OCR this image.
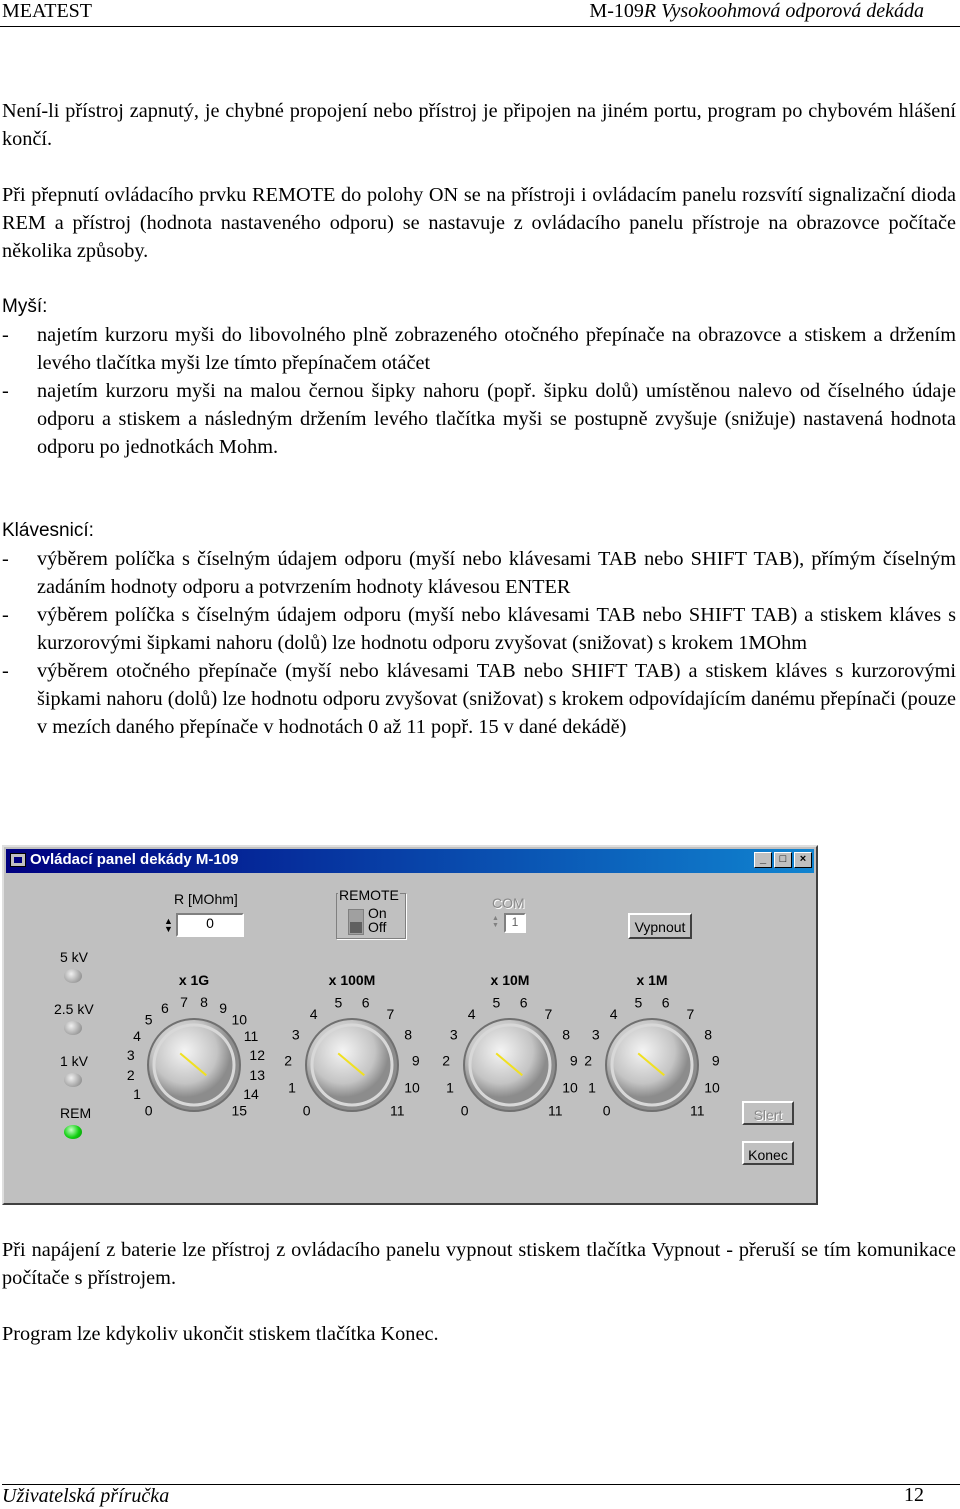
MEATEST	M-109R Vysokoohmová odporová dekáda

Není-li přístroj zapnutý, je chybné propojení nebo přístroj je připojen na jiném portu, program po chybovém hlášení končí.

Při přepnutí ovládacího prvku REMOTE do polohy ON se na přístroji i ovládacím panelu rozsvítí signalizační dioda REM a přístroj (hodnota nastaveného odporu) se nastavuje z ovládacího panelu přístroje na obrazovce počítače několika způsoby.

Myší:
- najetím kurzoru myši do libovolného plně zobrazeného otočného přepínače na obrazovce a stiskem a držením levého tlačítka myši lze tímto přepínačem otáčet
- najetím kurzoru myši na malou černou šipky nahoru (popř. šipku dolů) umístěnou nalevo od číselného údaje odporu a stiskem a následným držením levého tlačítka myši se postupně zvyšuje (snižuje) nastavená hodnota odporu po jednotkách Mohm.
Klávesnicí:
- výběrem políčka s číselným údajem odporu (myší nebo klávesami TAB nebo SHIFT TAB), přímým číselným zadáním hodnoty odporu a potvrzením hodnoty klávesou ENTER
- výběrem políčka s číselným údajem odporu (myší nebo klávesami TAB nebo SHIFT TAB) a stiskem kláves s kurzorovými šipkami nahoru (dolů) lze hodnotu odporu zvyšovat (snižovat) s krokem 1MOhm
- výběrem otočného přepínače (myší nebo klávesami TAB nebo SHIFT TAB) a stiskem kláves s kurzorovými šipkami nahoru (dolů) lze hodnotu odporu zvyšovat (snižovat) s krokem odpovídajícím danému přepínači (pouze v mezích daného přepínače v hodnotách 0 až 11 popř. 15 v dané dekádě)
Ovládací panel dekády M-109	_	□	×
R [MOhm]
0
▲
▼
REMOTE
On
Off
COM
1
▲
▼	Vypnout
5 kV
2.5 kV
1 kV
REM
x 1G
0
1
2
3
4
5
6 7 8 9
10
11
12
13
14
15
x 100M
0
1
2
3
4
5 6
7
8
9
10
11
x 10M
0
1
2
3
4
5 6
7
8
9
10
11
x 1M
0
1
2
3
4
5 6
7
8
9
10
11	Slert
Konec

Při napájení z baterie lze přístroj z ovládacího panelu vypnout stiskem tlačítka Vypnout - přeruší se tím komunikace počítače s přístrojem.

Program lze kdykoliv ukončit stiskem tlačítka Konec.

Uživatelská příručka	12
